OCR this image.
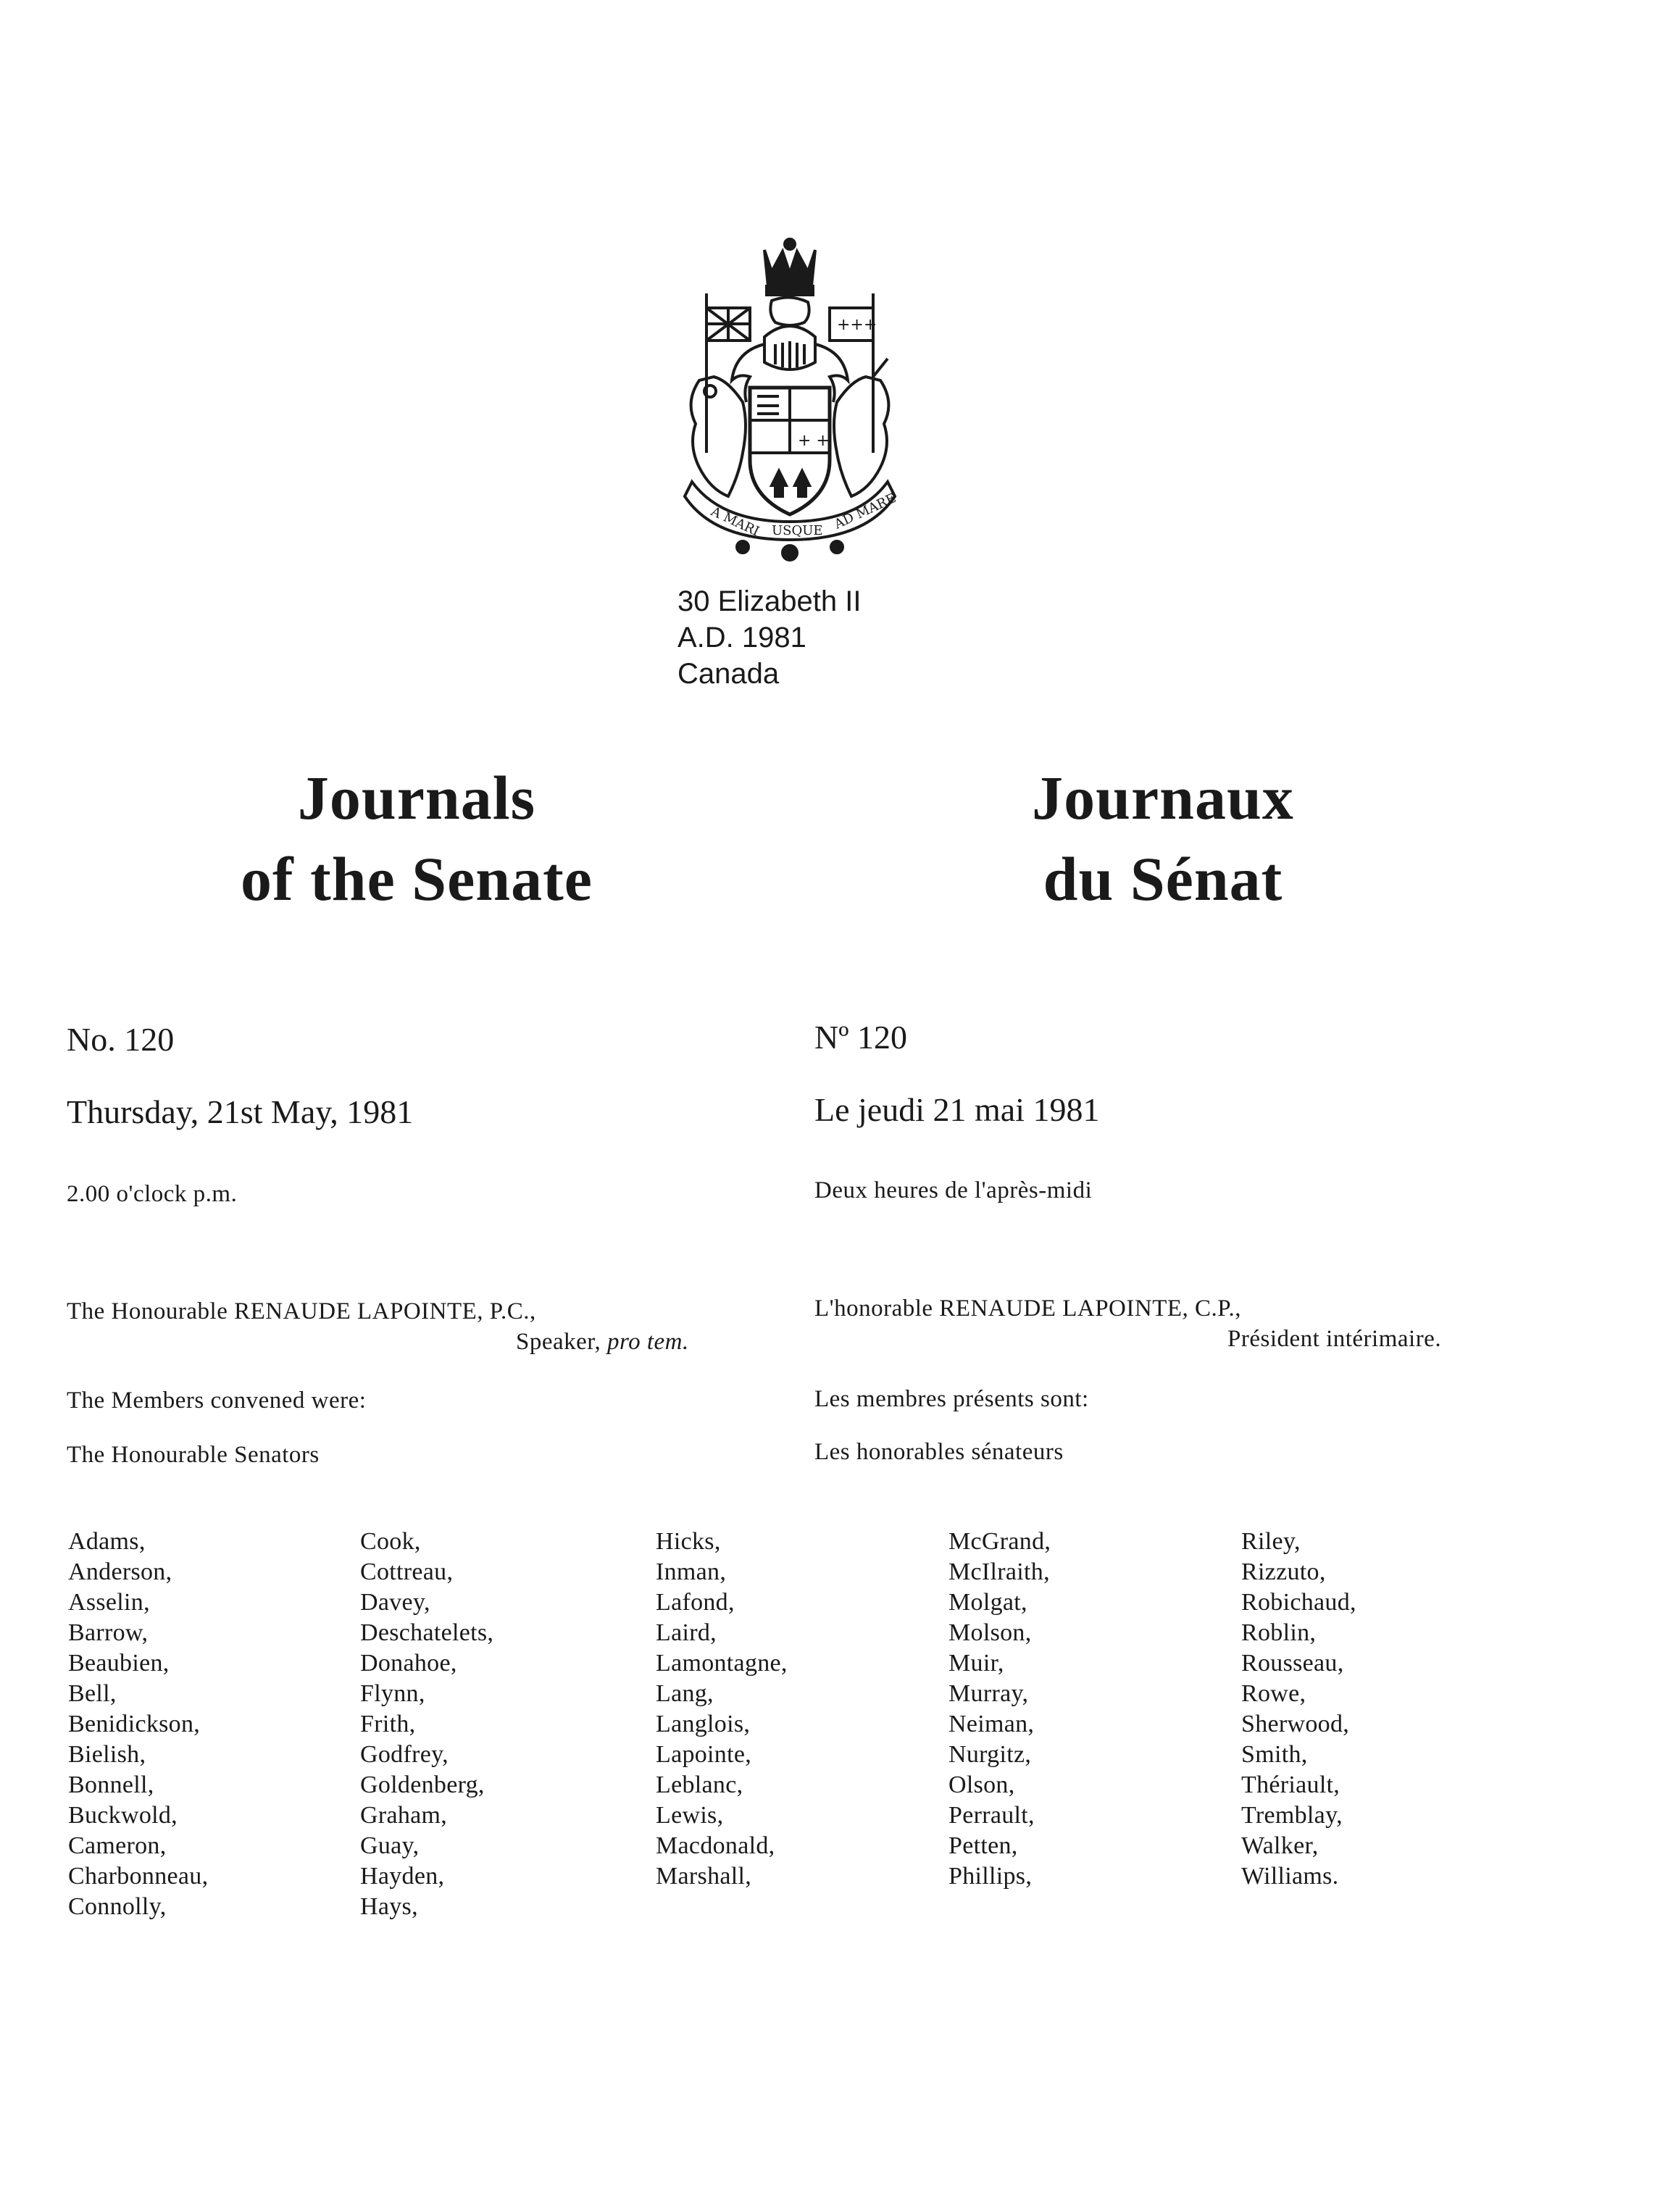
+++
+ +
A MARI USQUE AD MARE
30 Elizabeth II
A.D. 1981
Canada
Journals
of the Senate
Journaux
du Sénat
No. 120
Thursday, 21st May, 1981
2.00 o'clock p.m.
The Honourable RENAUDE LAPOINTE, P.C.,
Speaker, pro tem.
The Members convened were:
The Honourable Senators
Nº 120
Le jeudi 21 mai 1981
Deux heures de l'après-midi
L'honorable RENAUDE LAPOINTE, C.P.,
Président intérimaire.
Les membres présents sont:
Les honorables sénateurs
Adams,
Anderson,
Asselin,
Barrow,
Beaubien,
Bell,
Benidickson,
Bielish,
Bonnell,
Buckwold,
Cameron,
Charbonneau,
Connolly,
Cook,
Cottreau,
Davey,
Deschatelets,
Donahoe,
Flynn,
Frith,
Godfrey,
Goldenberg,
Graham,
Guay,
Hayden,
Hays,
Hicks,
Inman,
Lafond,
Laird,
Lamontagne,
Lang,
Langlois,
Lapointe,
Leblanc,
Lewis,
Macdonald,
Marshall,
McGrand,
McIlraith,
Molgat,
Molson,
Muir,
Murray,
Neiman,
Nurgitz,
Olson,
Perrault,
Petten,
Phillips,
Riley,
Rizzuto,
Robichaud,
Roblin,
Rousseau,
Rowe,
Sherwood,
Smith,
Thériault,
Tremblay,
Walker,
Williams.
